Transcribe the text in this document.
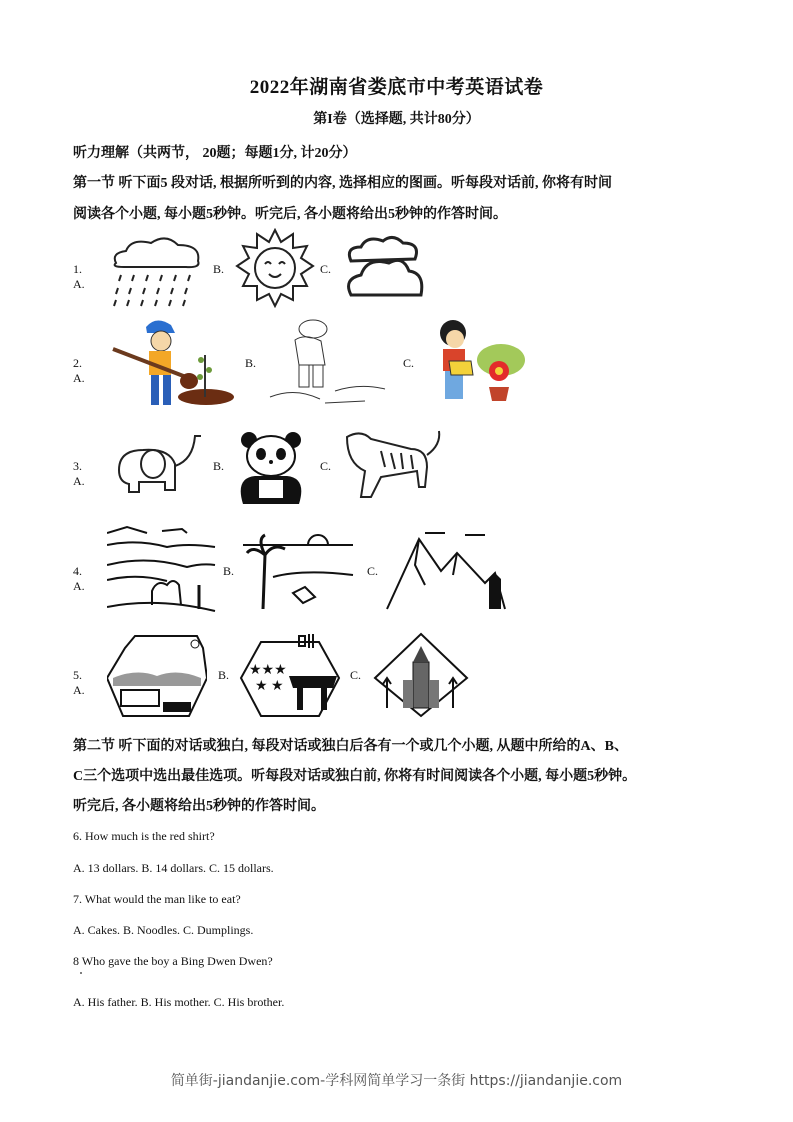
2022年湖南省娄底市中考英语试卷
第I卷（选择题, 共计80分）
听力理解（共两节， 20题；每题1分, 计20分）
第一节 听下面5 段对话, 根据所听到的内容, 选择相应的图画。听每段对话前, 你将有时间
阅读各个小题, 每小题5秒钟。听完后, 各小题将给出5秒钟的作答时间。
1. A.
B.	C.
2. A.
B.	C.
3. A.
B.	C.
4. A.
B.	C.
5. A.
B. ★★★
★ ★
C.
第二节 听下面的对话或独白, 每段对话或独白后各有一个或几个小题, 从题中所给的A、B、
C三个选项中选出最佳选项。听每段对话或独白前, 你将有时间阅读各个小题, 每小题5秒钟。
听完后, 各小题将给出5秒钟的作答时间。
6. How much is the red shirt?
A. 13 dollars. B. 14 dollars. C. 15 dollars.
7. What would the man like to eat?
A. Cakes. B. Noodles. C. Dumplings.
8 Who gave the boy a Bing Dwen Dwen?
A. His father. B. His mother. C. His brother.
简单街-jiandanjie.com-学科网简单学习一条街 https://jiandanjie.com
